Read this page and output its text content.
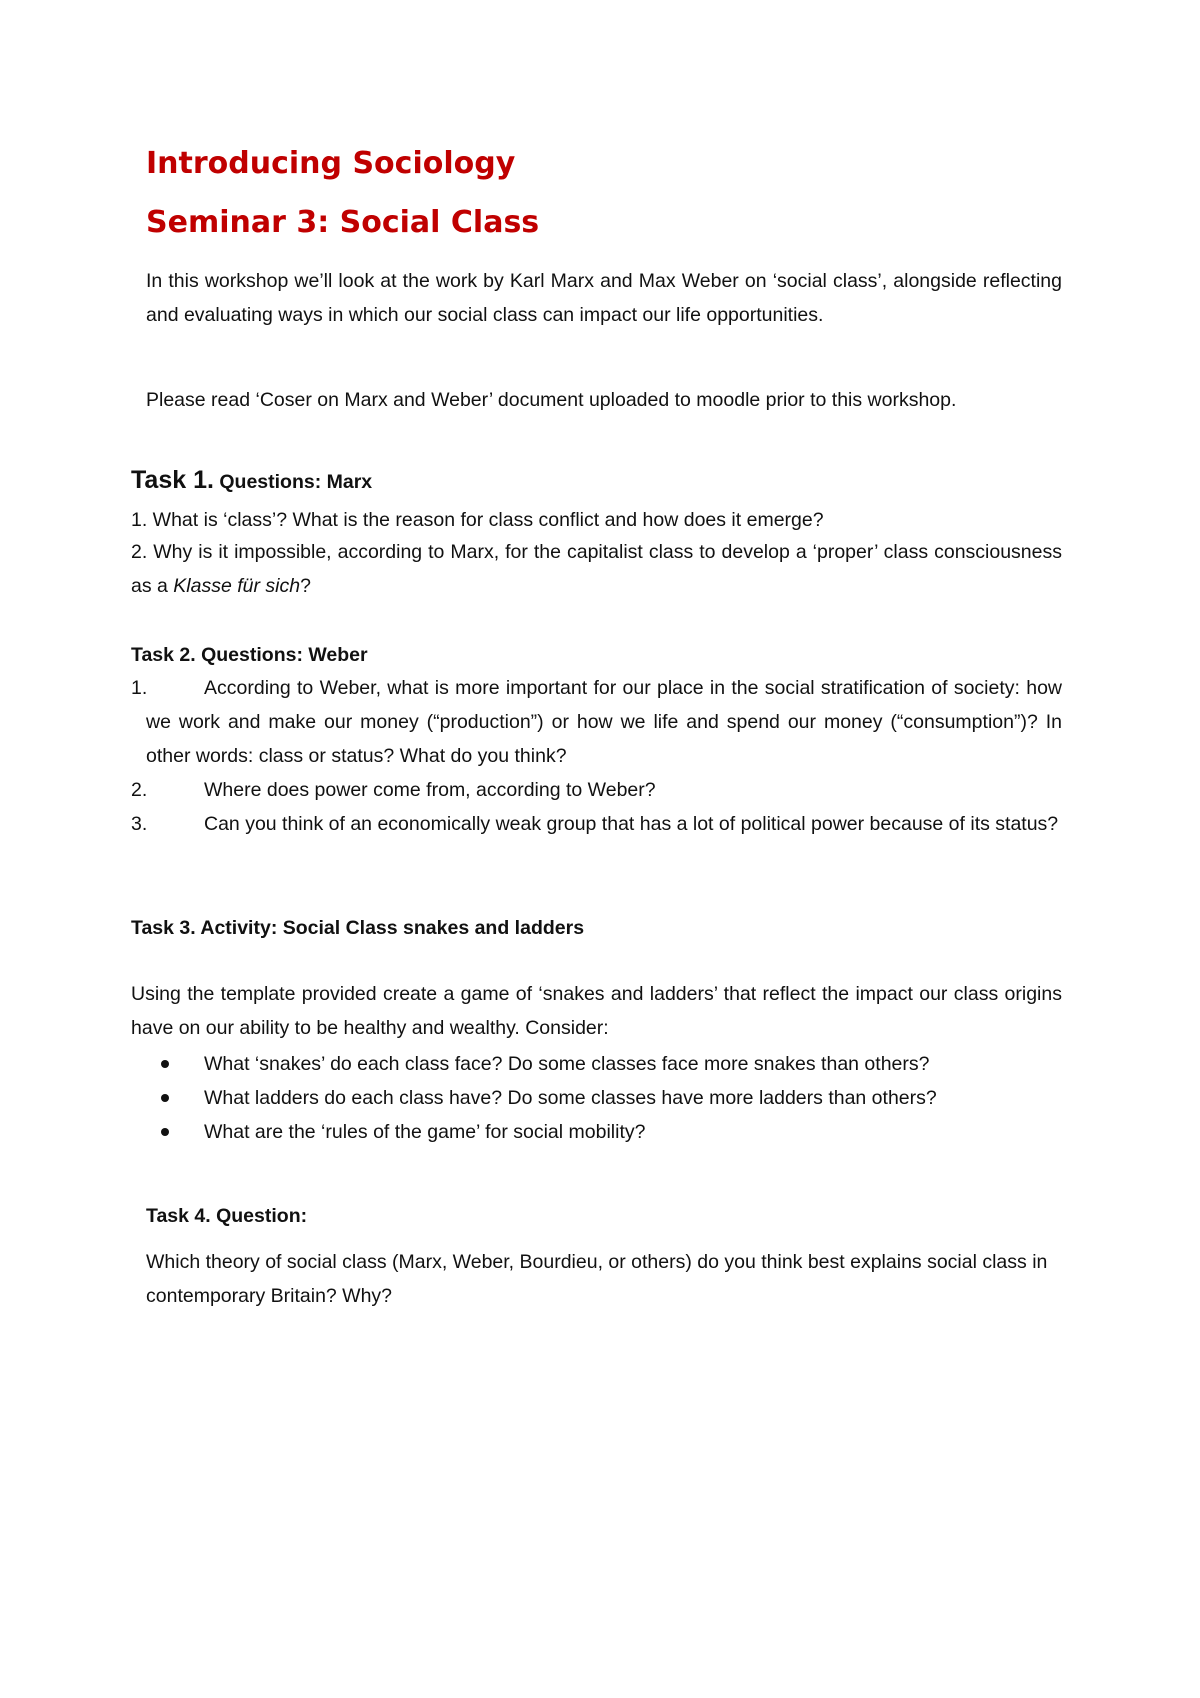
Introducing Sociology
Seminar 3: Social Class

In this workshop we’ll look at the work by Karl Marx and Max Weber on ‘social class’, alongside reflecting and evaluating ways in which our social class can impact our life opportunities.

Please read ‘Coser on Marx and Weber’ document uploaded to moodle prior to this workshop.

Task 1. Questions: Marx
1. What is ‘class’? What is the reason for class conflict and how does it emerge?

2. Why is it impossible, according to Marx, for the capitalist class to develop a ‘proper’ class consciousness as a Klasse für sich?

Task 2. Questions: Weber
1.	According to Weber, what is more important for our place in the social stratification of society: how we work and make our money (“production”) or how we life and spend our money (“consumption”)? In other words: class or status? What do you think?

2.	Where does power come from, according to Weber?
3.	Can you think of an economically weak group that has a lot of political power because of its status?

Task 3. Activity: Social Class snakes and ladders

Using the template provided create a game of ‘snakes and ladders’ that reflect the impact our class origins have on our ability to be healthy and wealthy. Consider:

What ‘snakes’ do each class face? Do some classes face more snakes than others?
What ladders do each class have? Do some classes have more ladders than others?
What are the ‘rules of the game’ for social mobility?
Task 4. Question:

Which theory of social class (Marx, Weber, Bourdieu, or others) do you think best explains social class in contemporary Britain? Why?
